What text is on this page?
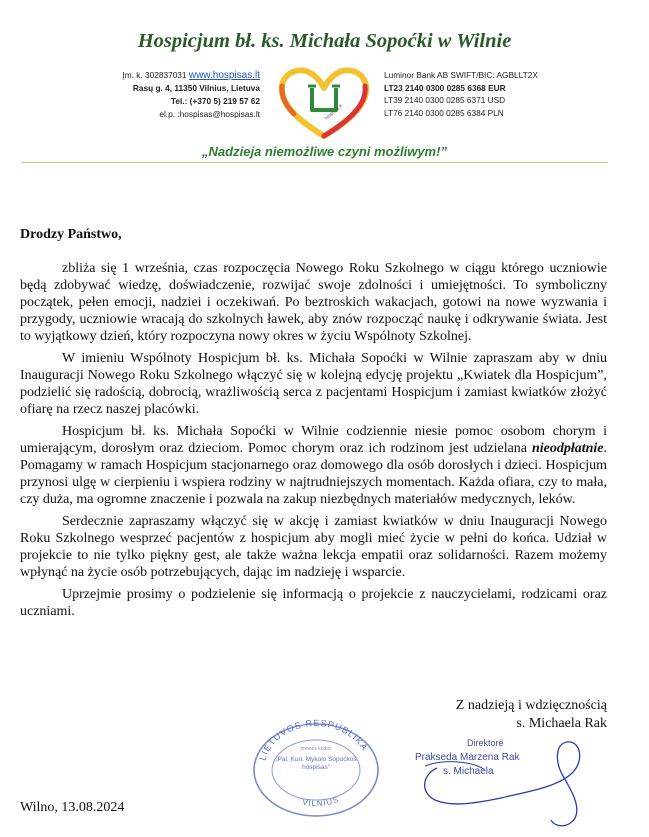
Hospicjum bł. ks. Michała Sopoćki w Wilnie
Įm. k. 302837031 www.hospisas.lt
Rasų g. 4, 11350 Vilnius, Lietuva
Tel.: (+370 5) 219 57 62
el.p. :hospisas@hospisas.lt	hospisas.lt
Luminor Bank AB SWIFT/BIC: AGBLLT2X
LT23 2140 0300 0285 6368 EUR
LT39 2140 0300 0285 6371 USD
LT76 2140 0300 0285 6384 PLN
„Nadzieja niemożliwe czyni możliwym!”
Drodzy Państwo,

zbliża się 1 września, czas rozpoczęcia Nowego Roku Szkolnego w ciągu którego uczniowie będą zdobywać wiedzę, doświadczenie, rozwijać swoje zdolności i umiejętności. To symboliczny początek, pełen emocji, nadziei i oczekiwań. Po beztroskich wakacjach, gotowi na nowe wyzwania i przygody, uczniowie wracają do szkolnych ławek, aby znów rozpocząć naukę i odkrywanie świata. Jest to wyjątkowy dzień, który rozpoczyna nowy okres w życiu Wspólnoty Szkolnej.

W imieniu Wspólnoty Hospicjum bł. ks. Michała Sopoćki w Wilnie zapraszam aby w dniu Inauguracji Nowego Roku Szkolnego włączyć się w kolejną edycję projektu „Kwiatek dla Hospicjum”, podzielić się radością, dobrocią, wrażliwością serca z pacjentami Hospicjum i zamiast kwiatków złożyć ofiarę na rzecz naszej placówki.

Hospicjum bł. ks. Michała Sopoćki w Wilnie codziennie niesie pomoc osobom chorym i umierającym, dorosłym oraz dzieciom. Pomoc chorym oraz ich rodzinom jest udzielana nieodpłatnie. Pomagamy w ramach Hospicjum stacjonarnego oraz domowego dla osób dorosłych i dzieci. Hospicjum przynosi ulgę w cierpieniu i wspiera rodziny w najtrudniejszych momentach. Każda ofiara, czy to mała, czy duża, ma ogromne znaczenie i pozwala na zakup niezbędnych materiałów medycznych, leków.

Serdecznie zapraszamy włączyć się w akcję i zamiast kwiatków w dniu Inauguracji Nowego Roku Szkolnego wesprzeć pacjentów z hospicjum aby mogli mieć życie w pełni do końca. Udział w projekcie to nie tylko piękny gest, ale także ważna lekcja empatii oraz solidarności. Razem możemy wpłynąć na życie osób potrzebujących, dając im nadzieję i wsparcie.

Uprzejmie prosimy o podzielenie się informacją o projekcie z nauczycielami, rodzicami oraz uczniami.

Z nadzieją i wdzięcznością
s. Michaela Rak
LIETUVOS RESPUBLIKA
VILNIUS
Įmonės kodas
„Pal. Kun. Mykolo Sopoćkos hospisas”
Direktorė
Prakseda Marzena Rak
s. Michaela
Wilno, 13.08.2024
